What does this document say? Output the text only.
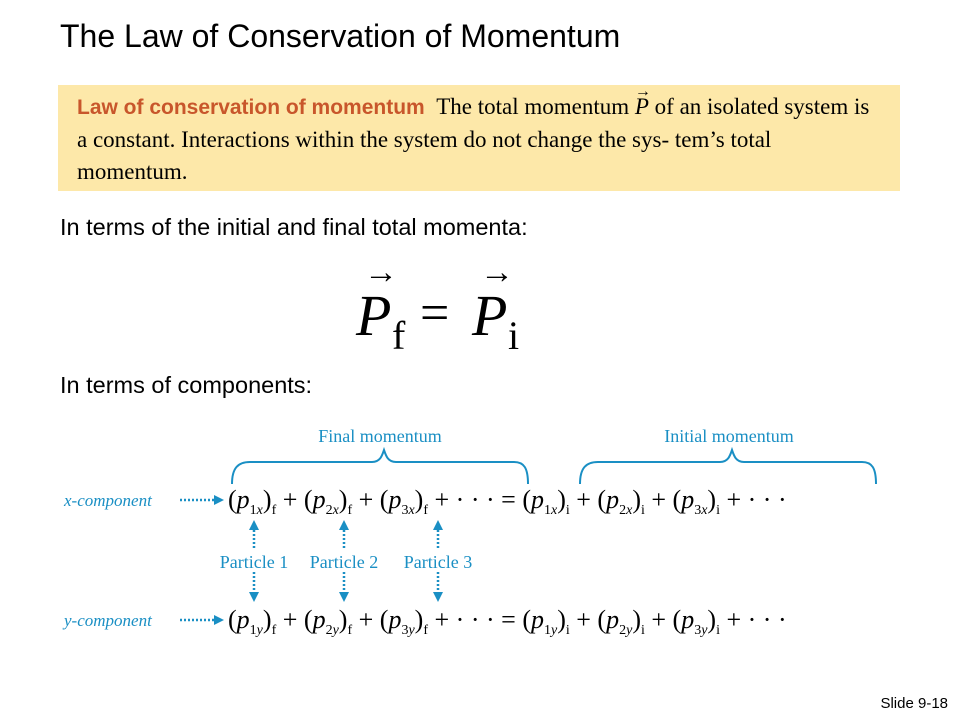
The Law of Conservation of Momentum
Law of conservation of momentum The total momentum → P of an isolated system is a constant. Interactions within the system do not change the sys- tem’s total momentum.

In terms of the initial and final total momenta:

→
P f =
→
P i

In terms of components:

Final momentum	Initial momentum
x-component	$(p_1x)_f + (p_2x)_f + (p_3x)_f$ + · · · = $(p_1x)_i + (p_2x)_i + (p_3x)_i$ + · · ·
Particle 1 Particle 2 Particle 3
y-component	$(p_1y)_f + (p_2y)_f + (p_3y)_f$ + · · · = $(p_1y)_i + (p_2y)_i + (p_3y)_i$ + · · ·
Slide 9-18
